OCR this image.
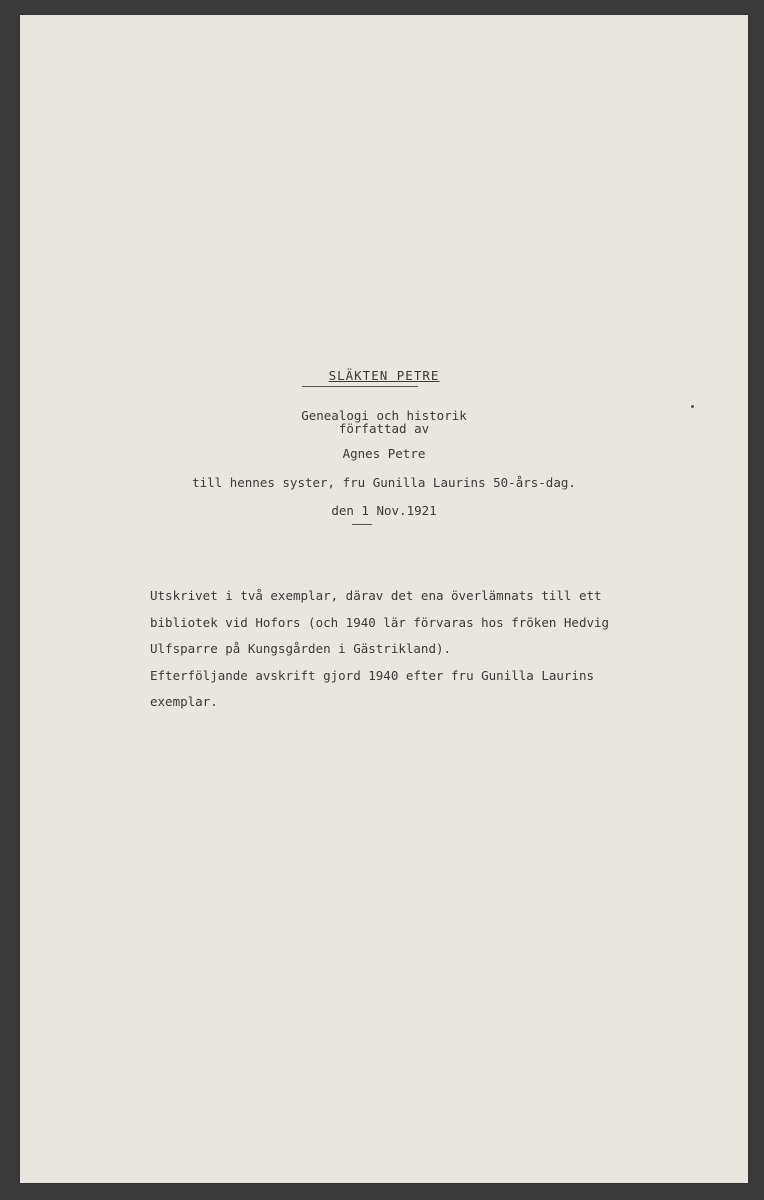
SLÄKTEN PETRE
Genealogi och historik
författad av
Agnes Petre
till hennes syster, fru Gunilla Laurins 50-års-dag.
den 1 Nov.1921
Utskrivet i två exemplar, därav det ena överlämnats till ett
bibliotek vid Hofors (och 1940 lär förvaras hos fröken Hedvig
Ulfsparre på Kungsgården i Gästrikland).
Efterföljande avskrift gjord 1940 efter fru Gunilla Laurins
exemplar.
